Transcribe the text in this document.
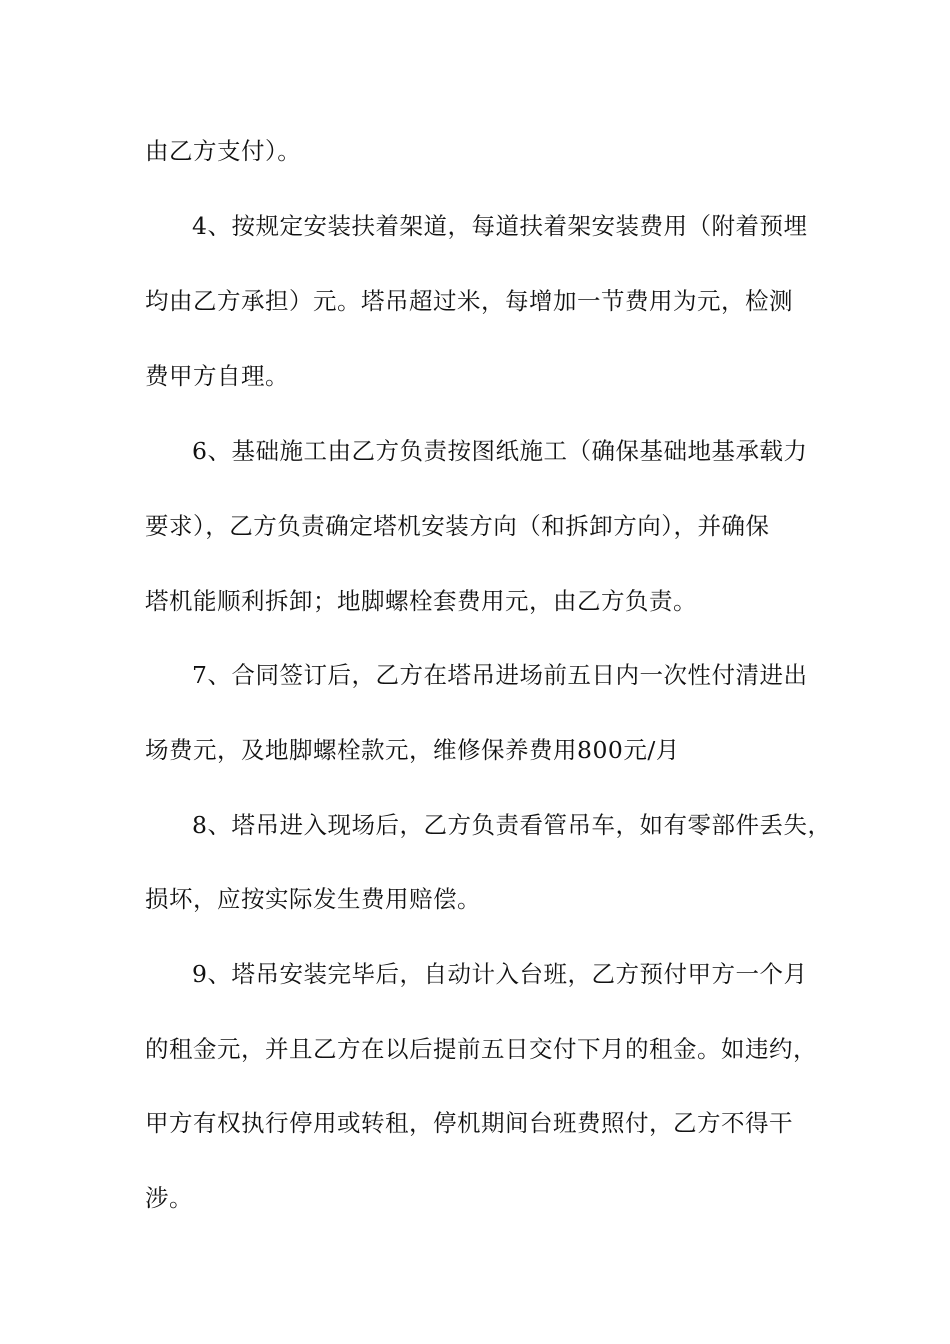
由乙方支付）。

4、按规定安装扶着架道，每道扶着架安装费用（附着预埋

均由乙方承担）元。塔吊超过米，每增加一节费用为元，检测

费甲方自理。

6、基础施工由乙方负责按图纸施工（确保基础地基承载力

要求），乙方负责确定塔机安装方向（和拆卸方向），并确保

塔机能顺利拆卸；地脚螺栓套费用元，由乙方负责。

7、合同签订后，乙方在塔吊进场前五日内一次性付清进出

场费元，及地脚螺栓款元，维修保养费用800元/月

8、塔吊进入现场后，乙方负责看管吊车，如有零部件丢失，

损坏，应按实际发生费用赔偿。

9、塔吊安装完毕后，自动计入台班，乙方预付甲方一个月

的租金元，并且乙方在以后提前五日交付下月的租金。如违约，

甲方有权执行停用或转租，停机期间台班费照付，乙方不得干

涉。
